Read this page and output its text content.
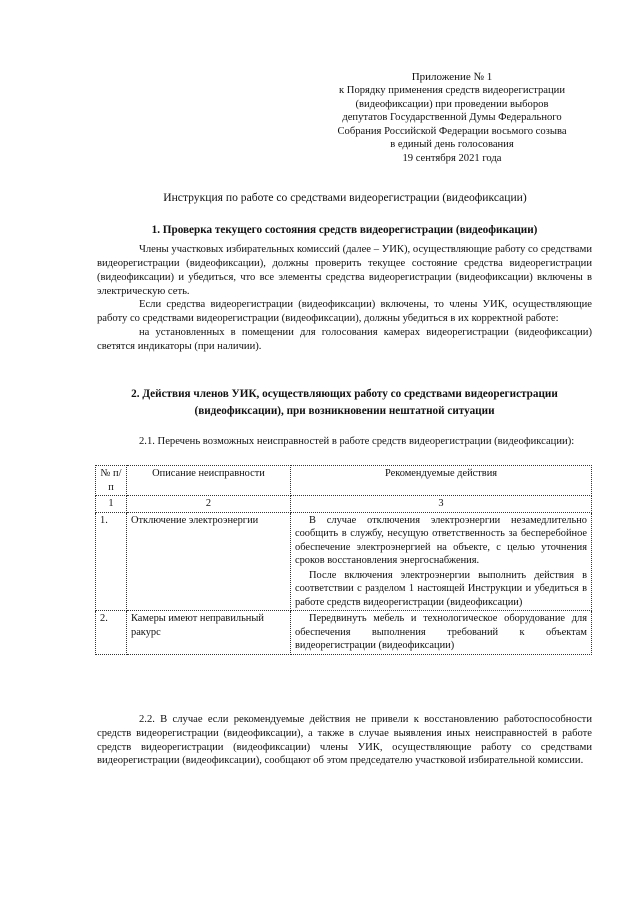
Приложение № 1
к Порядку применения средств видеорегистрации
(видеофиксации) при проведении выборов
депутатов Государственной Думы Федерального
Собрания Российской Федерации восьмого созыва
в единый день голосования
19 сентября 2021 года
Инструкция по работе со средствами видеорегистрации (видеофиксации)
1. Проверка текущего состояния средств видеорегистрации (видеофикации)

Члены участковых избирательных комиссий (далее – УИК), осуществляющие работу со средствами видеорегистрации (видеофиксации), должны проверить текущее состояние средства видеорегистрации (видеофиксации) и убедиться, что все элементы средства видеорегистрации (видеофиксации) включены в электрическую сеть.

Если средства видеорегистрации (видеофиксации) включены, то члены УИК, осуществляющие работу со средствами видеорегистрации (видеофиксации), должны убедиться в их корректной работе:

на установленных в помещении для голосования камерах видеорегистрации (видеофиксации) светятся индикаторы (при наличии).

2. Действия членов УИК, осуществляющих работу со средствами видеорегистрации (видеофиксации), при возникновении нештатной ситуации

2.1. Перечень возможных неисправностей в работе средств видеорегистрации (видеофиксации):

№ п/п	Описание неисправности	Рекомендуемые действия
1	2	3
1.	Отключение электроэнергии	В случае отключения электроэнергии незамедлительно сообщить в службу, несущую ответственность за бесперебойное обеспечение электроэнергией на объекте, с целью уточнения сроков восстановления энергоснабжения.
После включения электроэнергии выполнить действия в соответствии с разделом 1 настоящей Инструкции и убедиться в работе средств видеорегистрации (видеофиксации)

2.	Камеры имеют неправильный ракурс	Передвинуть мебель и технологическое оборудование для обеспечения выполнения требований к объектам видеорегистрации (видеофиксации)

2.2. В случае если рекомендуемые действия не привели к восстановлению работоспособности средств видеорегистрации (видеофиксации), а также в случае выявления иных неисправностей в работе средств видеорегистрации (видеофиксации) члены УИК, осуществляющие работу со средствами видеорегистрации (видеофиксации), сообщают об этом председателю участковой избирательной комиссии.
